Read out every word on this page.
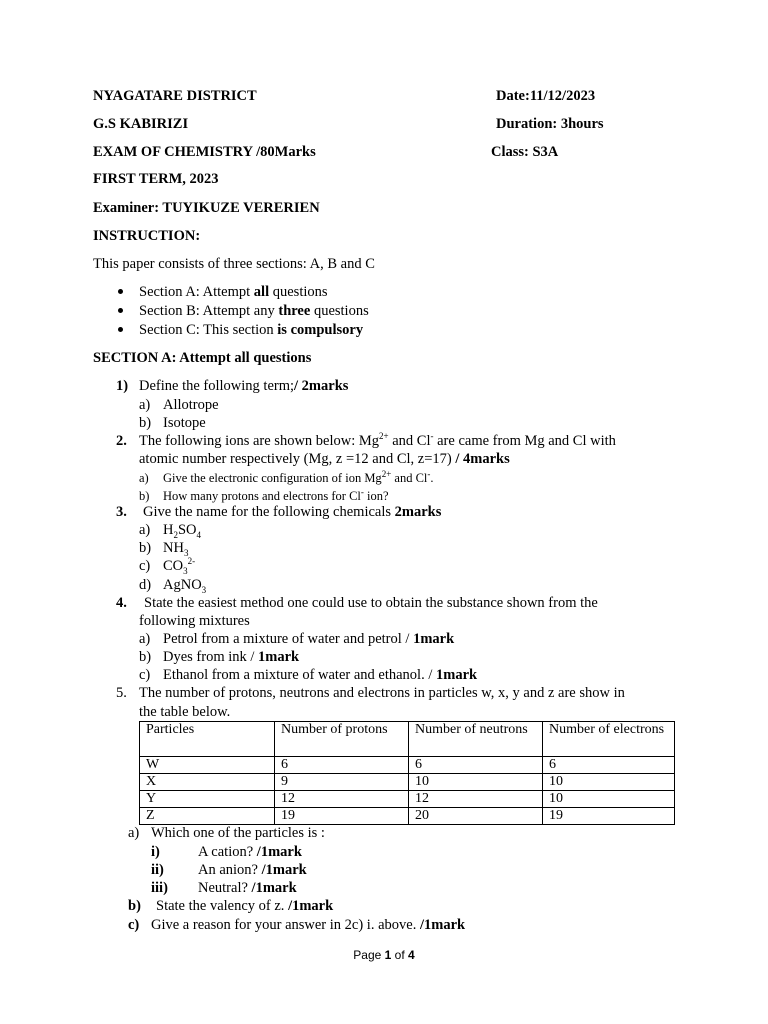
NYAGATARE DISTRICT	Date:11/12/2023
G.S KABIRIZI	Duration: 3hours
EXAM OF CHEMISTRY /80Marks	Class: S3A
FIRST TERM, 2023
Examiner: TUYIKUZE VERERIEN
INSTRUCTION:
This paper consists of three sections: A, B and C
Section A: Attempt all questions
Section B: Attempt any three questions
Section C: This section is compulsory
SECTION A: Attempt all questions
1) Define the following term;/ 2marks
a) Allotrope
b) Isotope
2. The following ions are shown below: $Mg^{2+}$ and Cl- are came from Mg and Cl with
atomic number respectively (Mg, z =12 and Cl, z=17) / 4marks
a) Give the electronic configuration of ion $Mg^{2+}$ and Cl-.
b) How many protons and electrons for Cl- ion?
3. Give the name for the following chemicals 2marks
a) $H_2SO_4$
b) $NH_3$
c) $CO_3^{2-}$
d) AgNO$_3$
4. State the easiest method one could use to obtain the substance shown from the
following mixtures
a) Petrol from a mixture of water and petrol / 1mark
b) Dyes from ink / 1mark
c) Ethanol from a mixture of water and ethanol. / 1mark
5. The number of protons, neutrons and electrons in particles w, x, y and z are show in
the table below.
Particles	Number of protons	Number of neutrons	Number of electrons
W	6	6	6
X	9	10	10
Y	12	12	10
Z	19	20	19
a) Which one of the particles is :
i)	A cation? /1mark
ii) An anion? /1mark
iii) Neutral? /1mark
b) State the valency of z. /1mark
c) Give a reason for your answer in 2c) i. above. /1mark
Page 1 of 4
